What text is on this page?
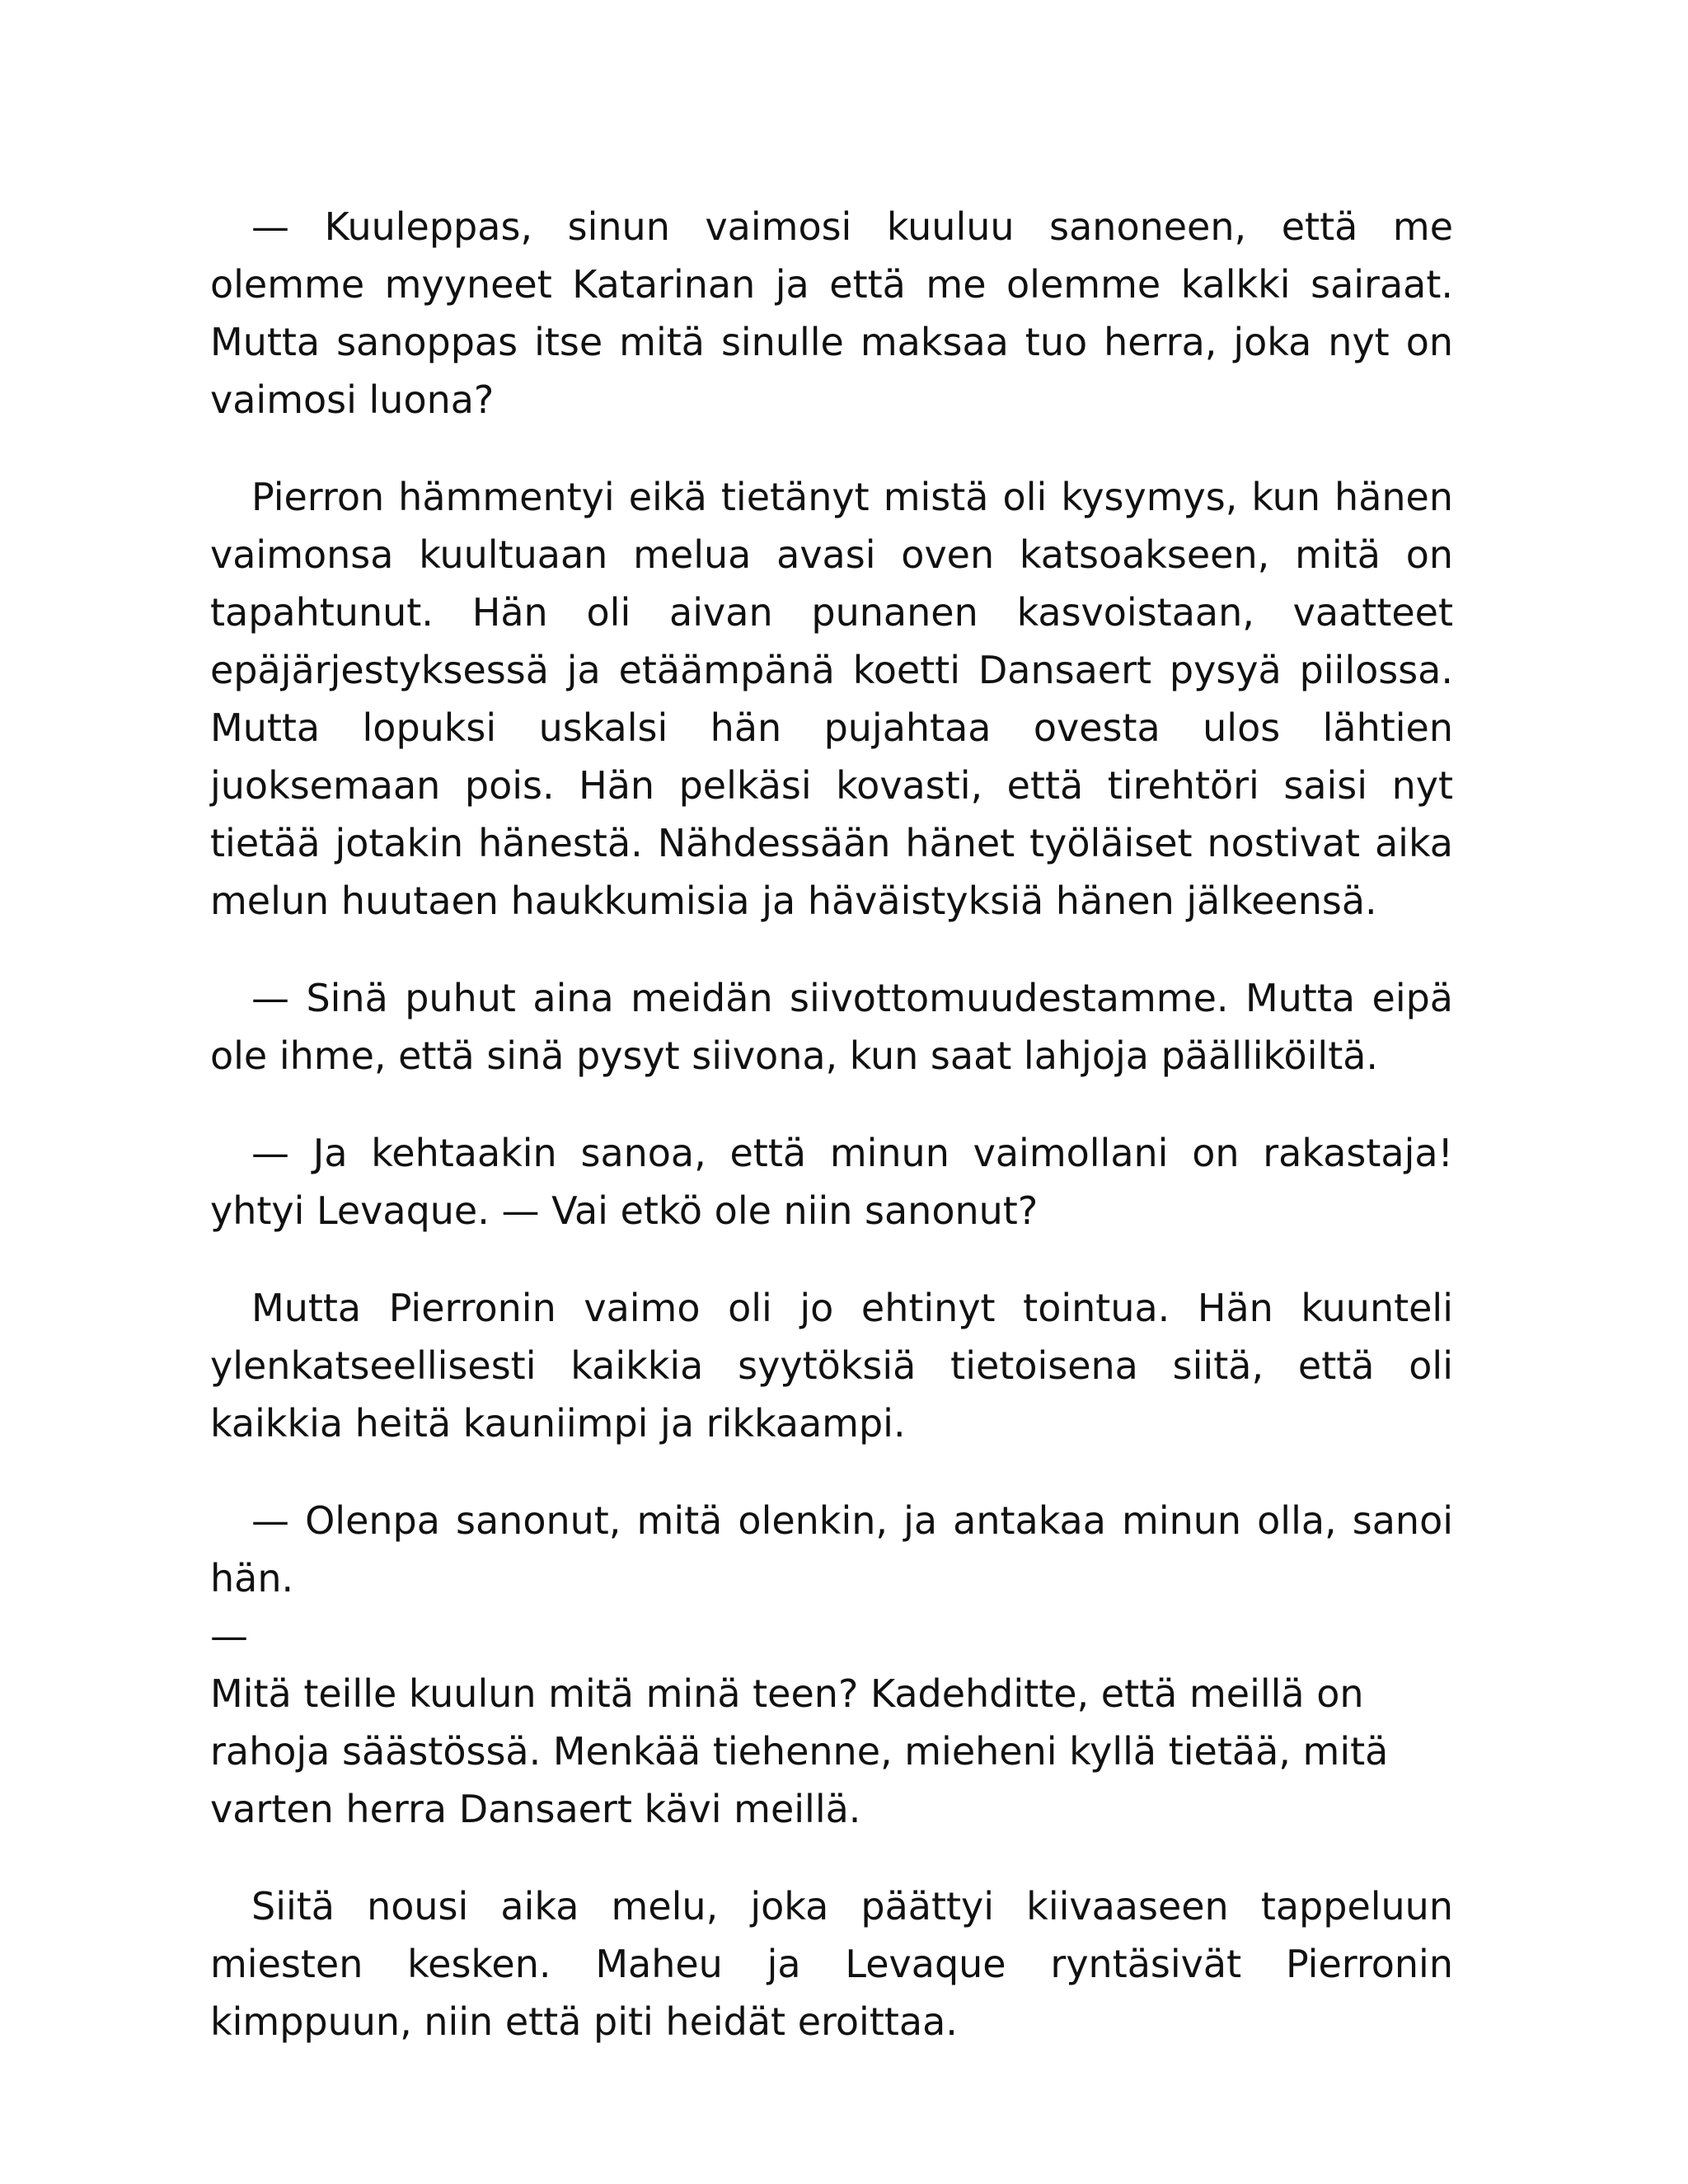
— Kuuleppas, sinun vaimosi kuuluu sanoneen, että me olemme myyneet Katarinan ja että me olemme kalkki sairaat. Mutta sanoppas itse mitä sinulle maksaa tuo herra, joka nyt on vaimosi luona?

Pierron hämmentyi eikä tietänyt mistä oli kysymys, kun hänen vaimonsa kuultuaan melua avasi oven katsoakseen, mitä on tapahtunut. Hän oli aivan punanen kasvoistaan, vaatteet epäjärjestyksessä ja etäämpänä koetti Dansaert pysyä piilossa. Mutta lopuksi uskalsi hän pujahtaa ovesta ulos lähtien juoksemaan pois. Hän pelkäsi kovasti, että tirehtöri saisi nyt tietää jotakin hänestä. Nähdessään hänet työläiset nostivat aika melun huutaen haukkumisia ja häväistyksiä hänen jälkeensä.

— Sinä puhut aina meidän siivottomuudestamme. Mutta eipä ole ihme, että sinä pysyt siivona, kun saat lahjoja päälliköiltä.

— Ja kehtaakin sanoa, että minun vaimollani on rakastaja! yhtyi Levaque. — Vai etkö ole niin sanonut?

Mutta Pierronin vaimo oli jo ehtinyt tointua. Hän kuunteli ylenkatseellisesti kaikkia syytöksiä tietoisena siitä, että oli kaikkia heitä kauniimpi ja rikkaampi.

— Olenpa sanonut, mitä olenkin, ja antakaa minun olla, sanoi hän.
—
Mitä teille kuulun mitä minä teen? Kadehditte, että meillä on rahoja säästössä. Menkää tiehenne, mieheni kyllä tietää, mitä varten herra Dansaert kävi meillä.

Siitä nousi aika melu, joka päättyi kiivaaseen tappeluun miesten kesken. Maheu ja Levaque ryntäsivät Pierronin kimppuun, niin että piti heidät eroittaa.
